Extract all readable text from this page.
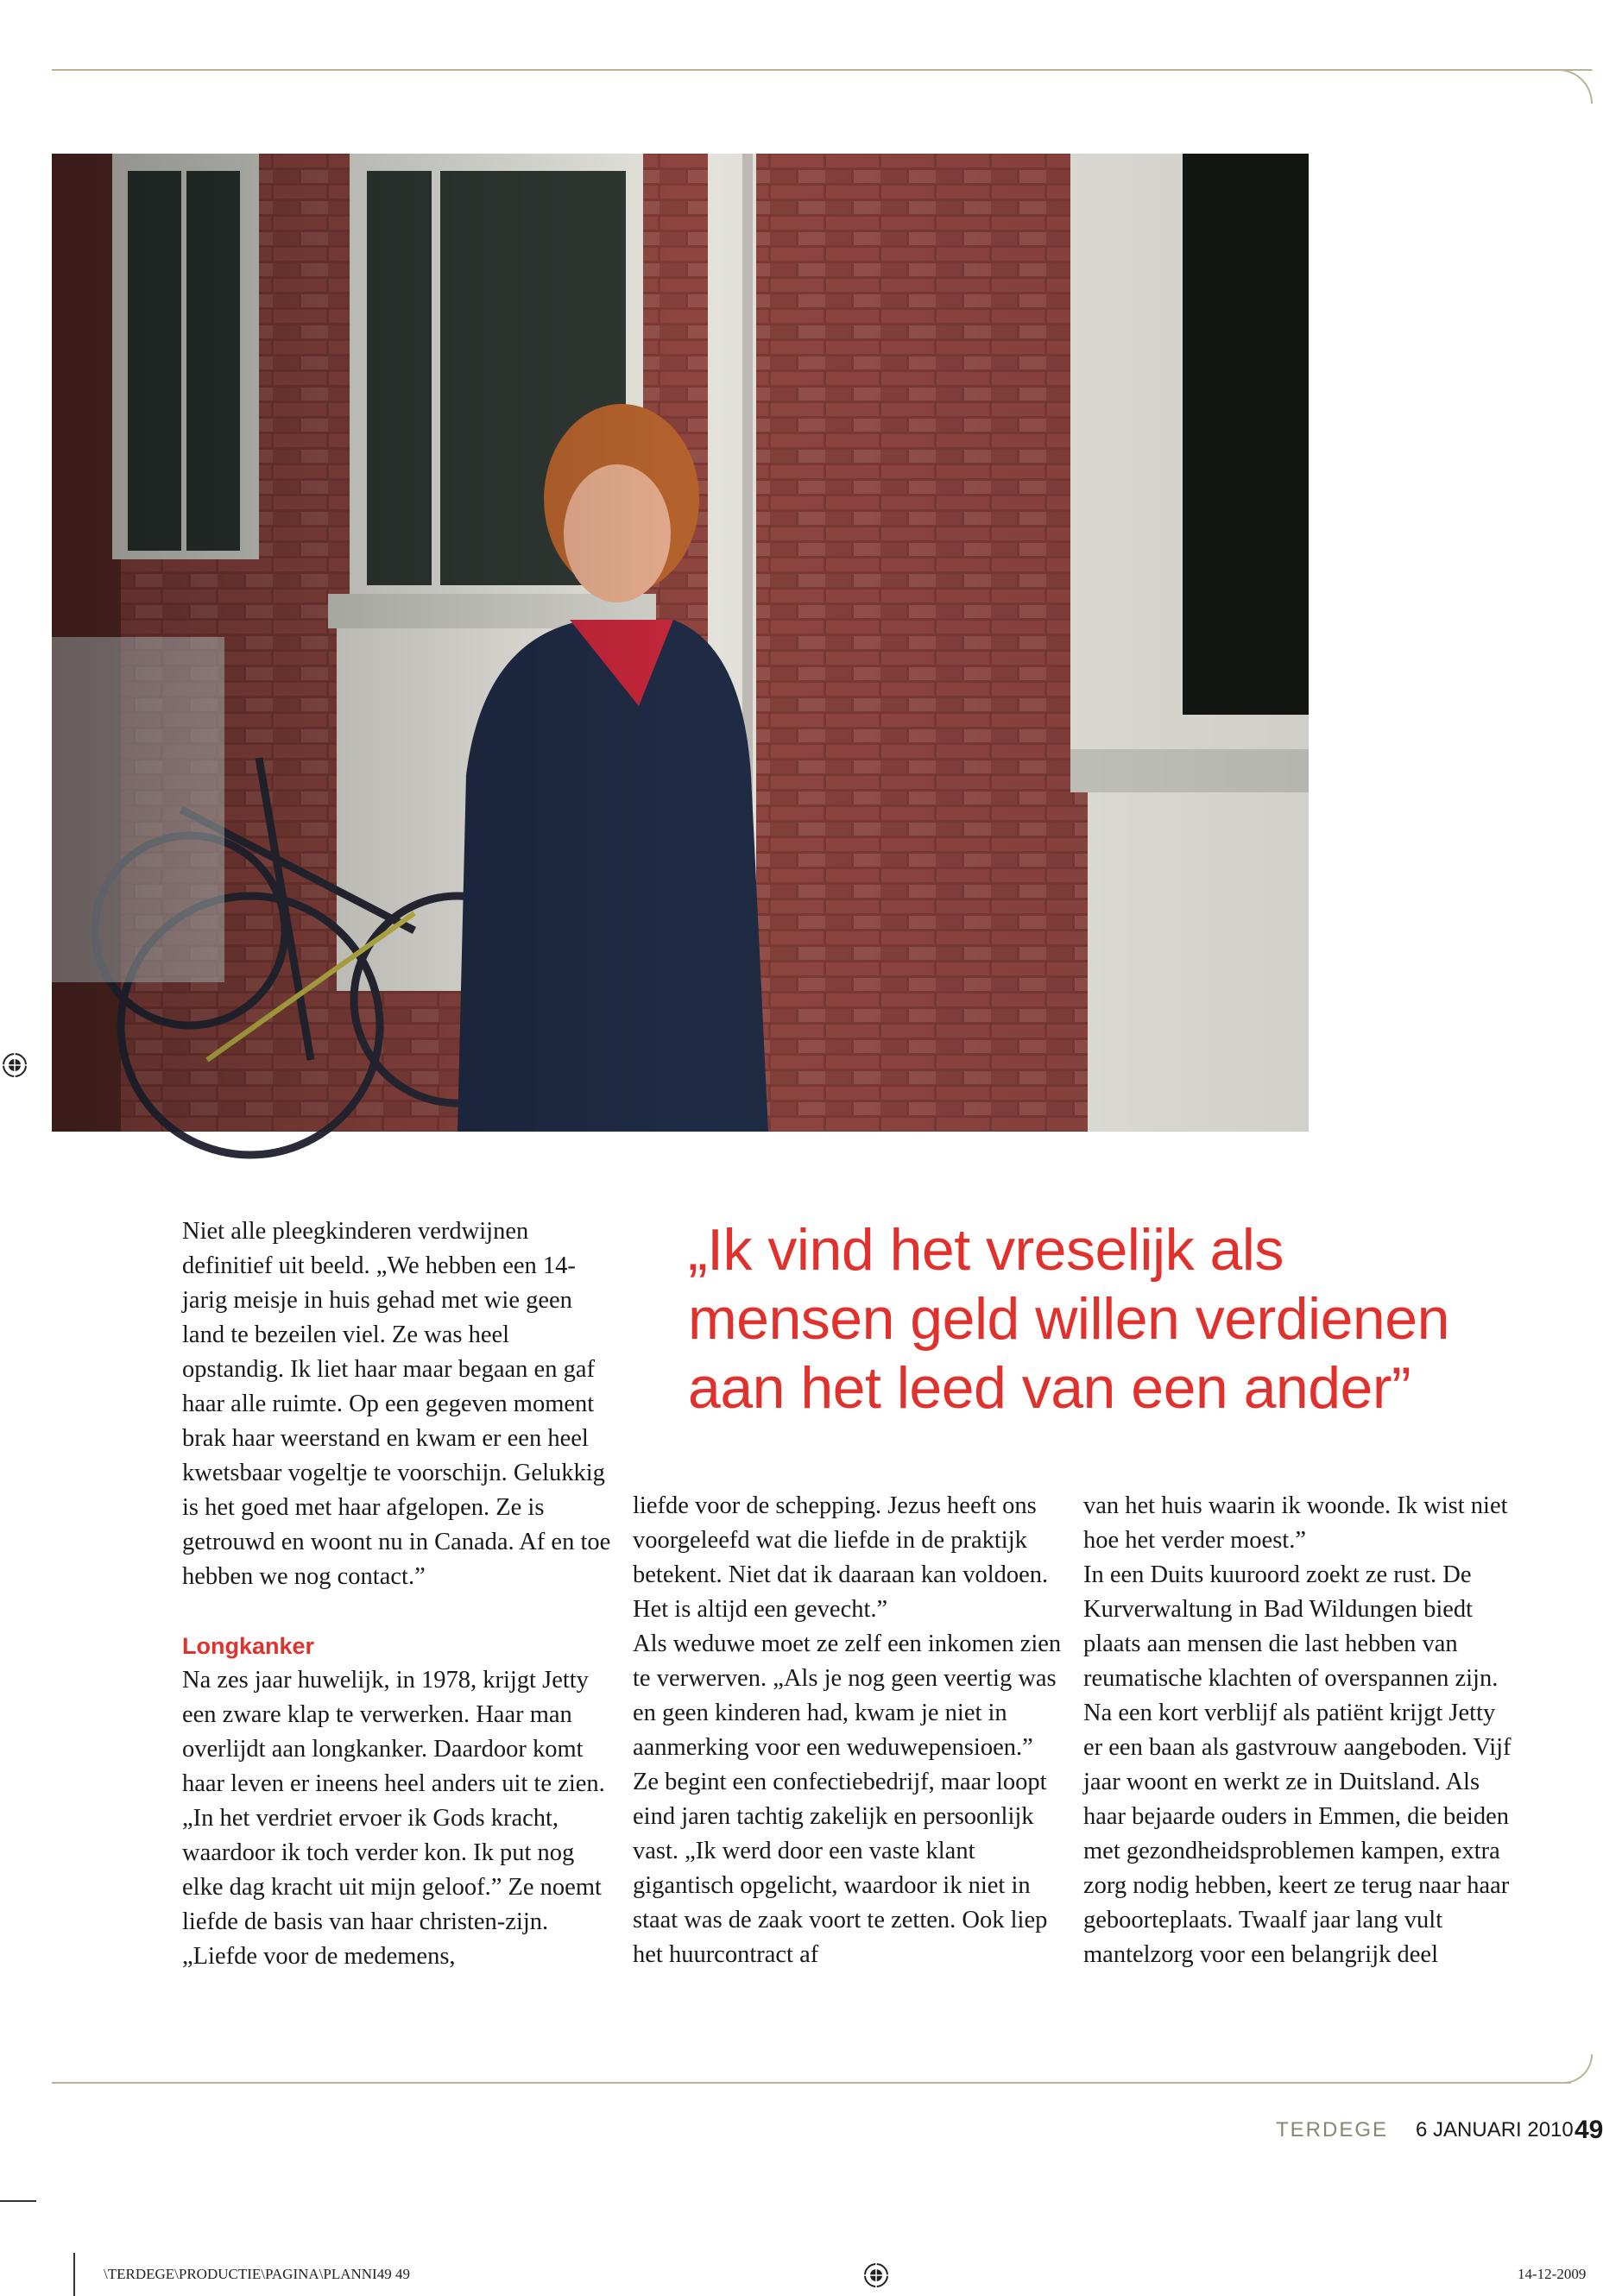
Niet alle pleegkinderen verdwijnen definitief uit beeld. „We hebben een 14-jarig meisje in huis gehad met wie geen land te bezeilen viel. Ze was heel opstandig. Ik liet haar maar begaan en gaf haar alle ruimte. Op een gegeven moment brak haar weerstand en kwam er een heel kwetsbaar vogeltje te voorschijn. Gelukkig is het goed met haar afgelopen. Ze is getrouwd en woont nu in Canada. Af en toe hebben we nog contact.”

Longkanker

Na zes jaar huwelijk, in 1978, krijgt Jetty een zware klap te verwerken. Haar man overlijdt aan longkanker. Daardoor komt haar leven er ineens heel anders uit te zien. „In het verdriet ervoer ik Gods kracht, waardoor ik toch verder kon. Ik put nog elke dag kracht uit mijn geloof.” Ze noemt liefde de basis van haar christen-zijn. „Liefde voor de medemens,

„Ik vind het vreselijk als
mensen geld willen verdienen
aan het leed van een ander”

liefde voor de schepping. Jezus heeft ons voorgeleefd wat die liefde in de praktijk betekent. Niet dat ik daaraan kan voldoen. Het is altijd een gevecht.”

Als weduwe moet ze zelf een inkomen zien te verwerven. „Als je nog geen veertig was en geen kinderen had, kwam je niet in aanmerking voor een weduwepensioen.” Ze begint een confectiebedrijf, maar loopt eind jaren tachtig zakelijk en persoonlijk vast. „Ik werd door een vaste klant gigantisch opgelicht, waardoor ik niet in staat was de zaak voort te zetten. Ook liep het huurcontract af

van het huis waarin ik woonde. Ik wist niet hoe het verder moest.”

In een Duits kuuroord zoekt ze rust. De Kurverwaltung in Bad Wildungen biedt plaats aan mensen die last hebben van reumatische klachten of overspannen zijn. Na een kort verblijf als patiënt krijgt Jetty er een baan als gastvrouw aangeboden. Vijf jaar woont en werkt ze in Duitsland. Als haar bejaarde ouders in Emmen, die beiden met gezondheidsproblemen kampen, extra zorg nodig hebben, keert ze terug naar haar geboorteplaats. Twaalf jaar lang vult mantelzorg voor een belangrijk deel

TERDEGE 6 JANUARI 2010 49
\TERDEGE\PRODUCTIE\PAGINA\PLANNI49 49	14-12-2009
